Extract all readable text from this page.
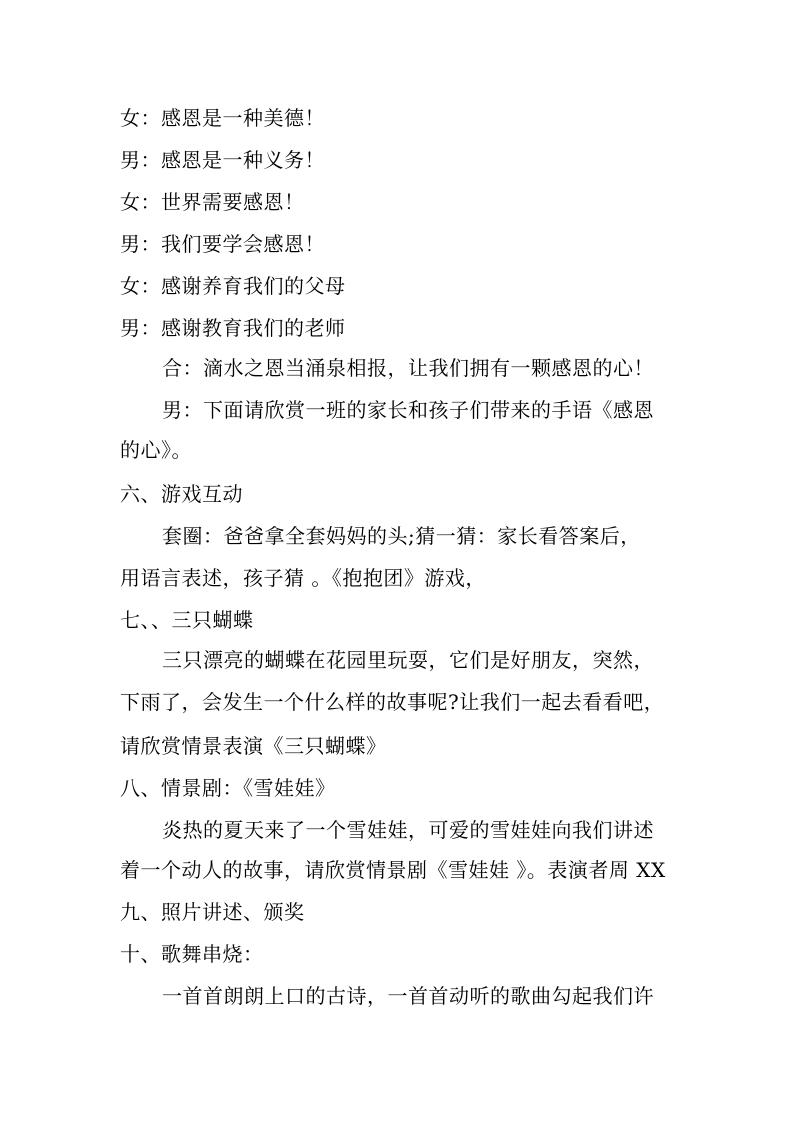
女：感恩是一种美德！
男：感恩是一种义务！
女：世界需要感恩！
男：我们要学会感恩！
女：感谢养育我们的父母
男：感谢教育我们的老师
合：滴水之恩当涌泉相报，让我们拥有一颗感恩的心！
男：下面请欣赏一班的家长和孩子们带来的手语《感恩
的心》。
六、游戏互动
套圈：爸爸拿全套妈妈的头;猜一猜：家长看答案后，
用语言表述，孩子猜 。《抱抱团》游戏，
七、、三只蝴蝶
三只漂亮的蝴蝶在花园里玩耍，它们是好朋友，突然，
下雨了，会发生一个什么样的故事呢?让我们一起去看看吧，
请欣赏情景表演《三只蝴蝶》
八、情景剧：《雪娃娃》
炎热的夏天来了一个雪娃娃，可爱的雪娃娃向我们讲述
着一个动人的故事，请欣赏情景剧《雪娃娃 》。表演者周 XX
九、照片讲述、颁奖
十、歌舞串烧：
一首首朗朗上口的古诗，一首首动听的歌曲勾起我们许
